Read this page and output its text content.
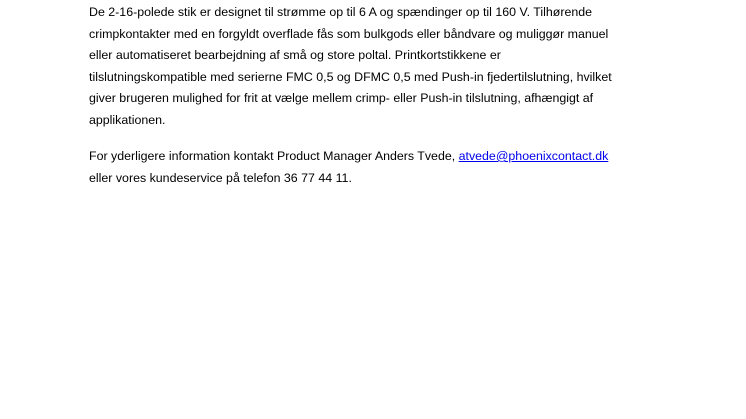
De 2-16-polede stik er designet til strømme op til 6 A og spændinger op til 160 V. Tilhørende
crimpkontakter med en forgyldt overflade fås som bulkgods eller båndvare og muliggør manuel
eller automatiseret bearbejdning af små og store poltal. Printkortstikkene er
tilslutningskompatible med serierne FMC 0,5 og DFMC 0,5 med Push-in fjedertilslutning, hvilket
giver brugeren mulighed for frit at vælge mellem crimp- eller Push-in tilslutning, afhængigt af
applikationen.
For yderligere information kontakt Product Manager Anders Tvede, atvede@phoenixcontact.dk
eller vores kundeservice på telefon 36 77 44 11.
